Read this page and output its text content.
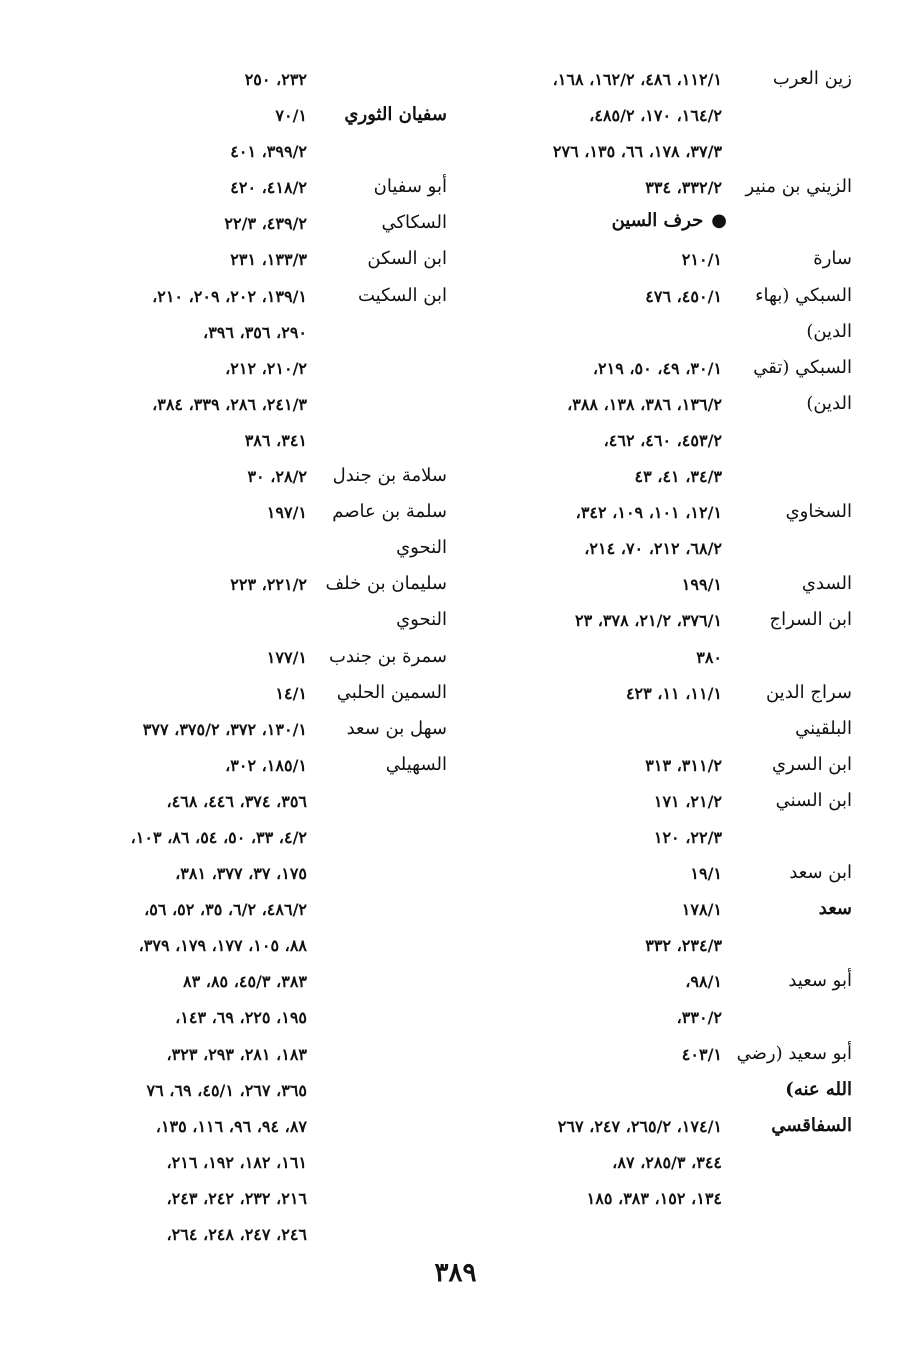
زين العرب
١١٢/١، ٤٨٦، ١٦٢/٢، ١٦٨،
١٦٤/٢، ١٧٠، ٤٨٥/٢،
٣٧/٣، ١٧٨، ٦٦، ١٣٥، ٢٧٦
الزيني بن منير
٣٣٢/٢، ٣٣٤
●حرف السين
سارة
٢١٠/١
السبكي (بهاء
٤٥٠/١، ٤٧٦
الدين)
السبكي (تقي
٣٠/١، ٤٩، ٥٠، ٢١٩،
الدين)
١٣٦/٢، ٣٨٦، ١٣٨، ٣٨٨،
٤٥٣/٢، ٤٦٠، ٤٦٢،
٣٤/٣، ٤١، ٤٣
السخاوي
١٢/١، ١٠١، ١٠٩، ٣٤٢،
٦٨/٢، ٢١٢، ٧٠، ٢١٤،
السدي
١٩٩/١
ابن السراج
٣٧٦/١، ٢١/٢، ٣٧٨، ٢٣
٣٨٠
سراج الدين
١١/١، ١١، ٤٢٣
البلقيني
ابن السري
٣١١/٢، ٣١٣
ابن السني
٢١/٢، ١٧١
٢٢/٣، ١٢٠
ابن سعد
١٩/١
سعد
١٧٨/١
٢٣٤/٣، ٣٣٢
أبو سعيد
٩٨/١،
٣٣٠/٢،
أبو سعيد (رضي
٤٠٣/١
الله عنه)
السفاقسي
١٧٤/١، ٢٦٥/٢، ٢٤٧، ٢٦٧
٣٤٤، ٢٨٥/٣، ٨٧،
١٣٤، ١٥٢، ٣٨٣، ١٨٥
٢٣٢، ٢٥٠
سفيان الثوري
٧٠/١
٣٩٩/٢، ٤٠١
أبو سفيان
٤١٨/٢، ٤٢٠
السكاكي
٤٣٩/٢، ٢٢/٣
ابن السكن
١٣٣/٣، ٢٣١
ابن السكيت
١٣٩/١، ٢٠٢، ٢٠٩، ٢١٠،
٢٩٠، ٣٥٦، ٣٩٦،
٢١٠/٢، ٢١٢،
٢٤١/٣، ٢٨٦، ٣٣٩، ٣٨٤،
٣٤١، ٣٨٦
سلامة بن جندل
٢٨/٢، ٣٠
سلمة بن عاصم
١٩٧/١
النحوي
سليمان بن خلف
٢٢١/٢، ٢٢٣
النحوي
سمرة بن جندب
١٧٧/١
السمين الحلبي
١٤/١
سهل بن سعد
١٣٠/١، ٣٧٢، ٣٧٥/٢، ٣٧٧
السهيلي
١٨٥/١، ٣٠٢،
٣٥٦، ٣٧٤، ٤٤٦، ٤٦٨،
٤/٢، ٣٣، ٥٠، ٥٤، ٨٦، ١٠٣،
١٧٥، ٣٧، ٣٧٧، ٣٨١،
٤٨٦/٢، ٦/٢، ٣٥، ٥٢، ٥٦،
٨٨، ١٠٥، ١٧٧، ١٧٩، ٣٧٩،
٣٨٣، ٤٥/٣، ٨٥، ٨٣
١٩٥، ٢٢٥، ٦٩، ١٤٣،
١٨٣، ٢٨١، ٢٩٣، ٣٢٣،
٣٦٥، ٢٦٧، ٤٥/١، ٦٩، ٧٦
٨٧، ٩٤، ٩٦، ١١٦، ١٣٥،
١٦١، ١٨٢، ١٩٢، ٢١٦،
٢١٦، ٢٣٢، ٢٤٢، ٢٤٣،
٢٤٦، ٢٤٧، ٢٤٨، ٢٦٤،
٣٨٩
